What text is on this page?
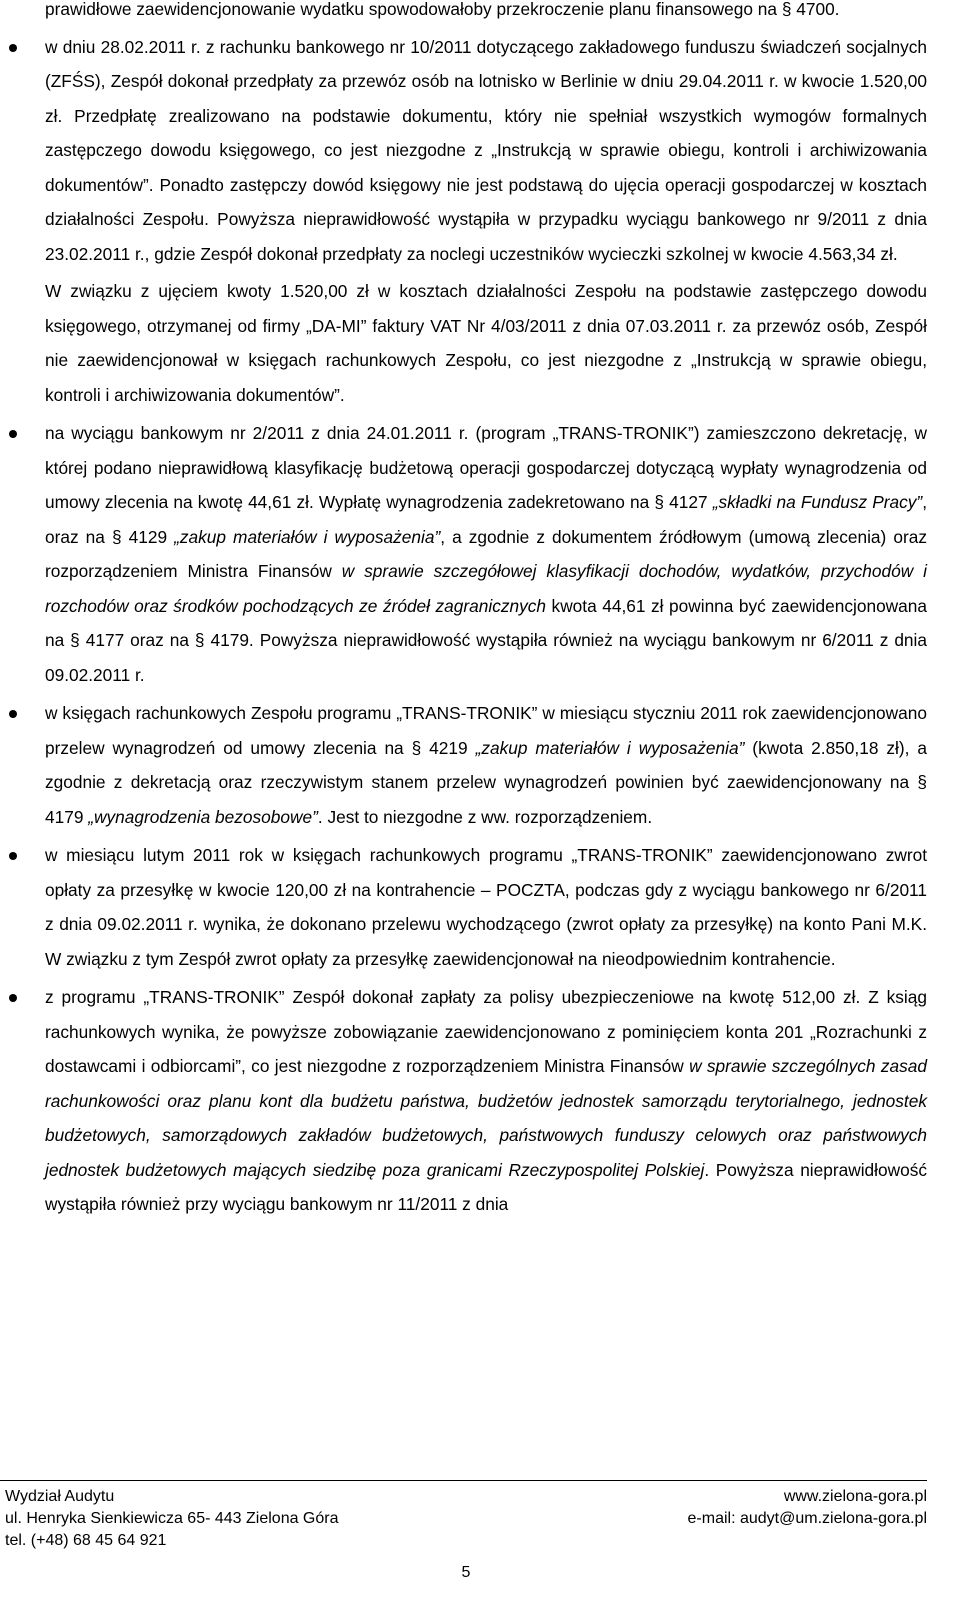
prawidłowe zaewidencjonowanie wydatku spowodowałoby przekroczenie planu finansowego na § 4700.

w dniu 28.02.2011 r. z rachunku bankowego nr 10/2011 dotyczącego zakładowego funduszu świadczeń socjalnych (ZFŚS), Zespół dokonał przedpłaty za przewóz osób na lotnisko w Berlinie w dniu 29.04.2011 r. w kwocie 1.520,00 zł. Przedpłatę zrealizowano na podstawie dokumentu, który nie spełniał wszystkich wymogów formalnych zastępczego dowodu księgowego, co jest niezgodne z „Instrukcją w sprawie obiegu, kontroli i archiwizowania dokumentów”. Ponadto zastępczy dowód księgowy nie jest podstawą do ujęcia operacji gospodarczej w kosztach działalności Zespołu. Powyższa nieprawidłowość wystąpiła w przypadku wyciągu bankowego nr 9/2011 z dnia 23.02.2011 r., gdzie Zespół dokonał przedpłaty za noclegi uczestników wycieczki szkolnej w kwocie 4.563,34 zł.

W związku z ujęciem kwoty 1.520,00 zł w kosztach działalności Zespołu na podstawie zastępczego dowodu księgowego, otrzymanej od firmy „DA-MI” faktury VAT Nr 4/03/2011 z dnia 07.03.2011 r. za przewóz osób, Zespół nie zaewidencjonował w księgach rachunkowych Zespołu, co jest niezgodne z „Instrukcją w sprawie obiegu, kontroli i archiwizowania dokumentów”.

na wyciągu bankowym nr 2/2011 z dnia 24.01.2011 r. (program „TRANS-TRONIK”) zamieszczono dekretację, w której podano nieprawidłową klasyfikację budżetową operacji gospodarczej dotyczącą wypłaty wynagrodzenia od umowy zlecenia na kwotę 44,61 zł. Wypłatę wynagrodzenia zadekretowano na § 4127 „składki na Fundusz Pracy”, oraz na § 4129 „zakup materiałów i wyposażenia”, a zgodnie z dokumentem źródłowym (umową zlecenia) oraz rozporządzeniem Ministra Finansów w sprawie szczegółowej klasyfikacji dochodów, wydatków, przychodów i rozchodów oraz środków pochodzących ze źródeł zagranicznych kwota 44,61 zł powinna być zaewidencjonowana na § 4177 oraz na § 4179. Powyższa nieprawidłowość wystąpiła również na wyciągu bankowym nr 6/2011 z dnia 09.02.2011 r.

w księgach rachunkowych Zespołu programu „TRANS-TRONIK” w miesiącu styczniu 2011 rok zaewidencjonowano przelew wynagrodzeń od umowy zlecenia na § 4219 „zakup materiałów i wyposażenia” (kwota 2.850,18 zł), a zgodnie z dekretacją oraz rzeczywistym stanem przelew wynagrodzeń powinien być zaewidencjonowany na § 4179 „wynagrodzenia bezosobowe”. Jest to niezgodne z ww. rozporządzeniem.

w miesiącu lutym 2011 rok w księgach rachunkowych programu „TRANS-TRONIK” zaewidencjonowano zwrot opłaty za przesyłkę w kwocie 120,00 zł na kontrahencie – POCZTA, podczas gdy z wyciągu bankowego nr 6/2011 z dnia 09.02.2011 r. wynika, że dokonano przelewu wychodzącego (zwrot opłaty za przesyłkę) na konto Pani M.K. W związku z tym Zespół zwrot opłaty za przesyłkę zaewidencjonował na nieodpowiednim kontrahencie.

z programu „TRANS-TRONIK” Zespół dokonał zapłaty za polisy ubezpieczeniowe na kwotę 512,00 zł. Z ksiąg rachunkowych wynika, że powyższe zobowiązanie zaewidencjonowano z pominięciem konta 201 „Rozrachunki z dostawcami i odbiorcami”, co jest niezgodne z rozporządzeniem Ministra Finansów w sprawie szczególnych zasad rachunkowości oraz planu kont dla budżetu państwa, budżetów jednostek samorządu terytorialnego, jednostek budżetowych, samorządowych zakładów budżetowych, państwowych funduszy celowych oraz państwowych jednostek budżetowych mających siedzibę poza granicami Rzeczypospolitej Polskiej. Powyższa nieprawidłowość wystąpiła również przy wyciągu bankowym nr 11/2011 z dnia

Wydział Audytu
ul. Henryka Sienkiewicza 65- 443 Zielona Góra
tel. (+48) 68 45 64 921
www.zielona-gora.pl
e-mail: audyt@um.zielona-gora.pl
5
